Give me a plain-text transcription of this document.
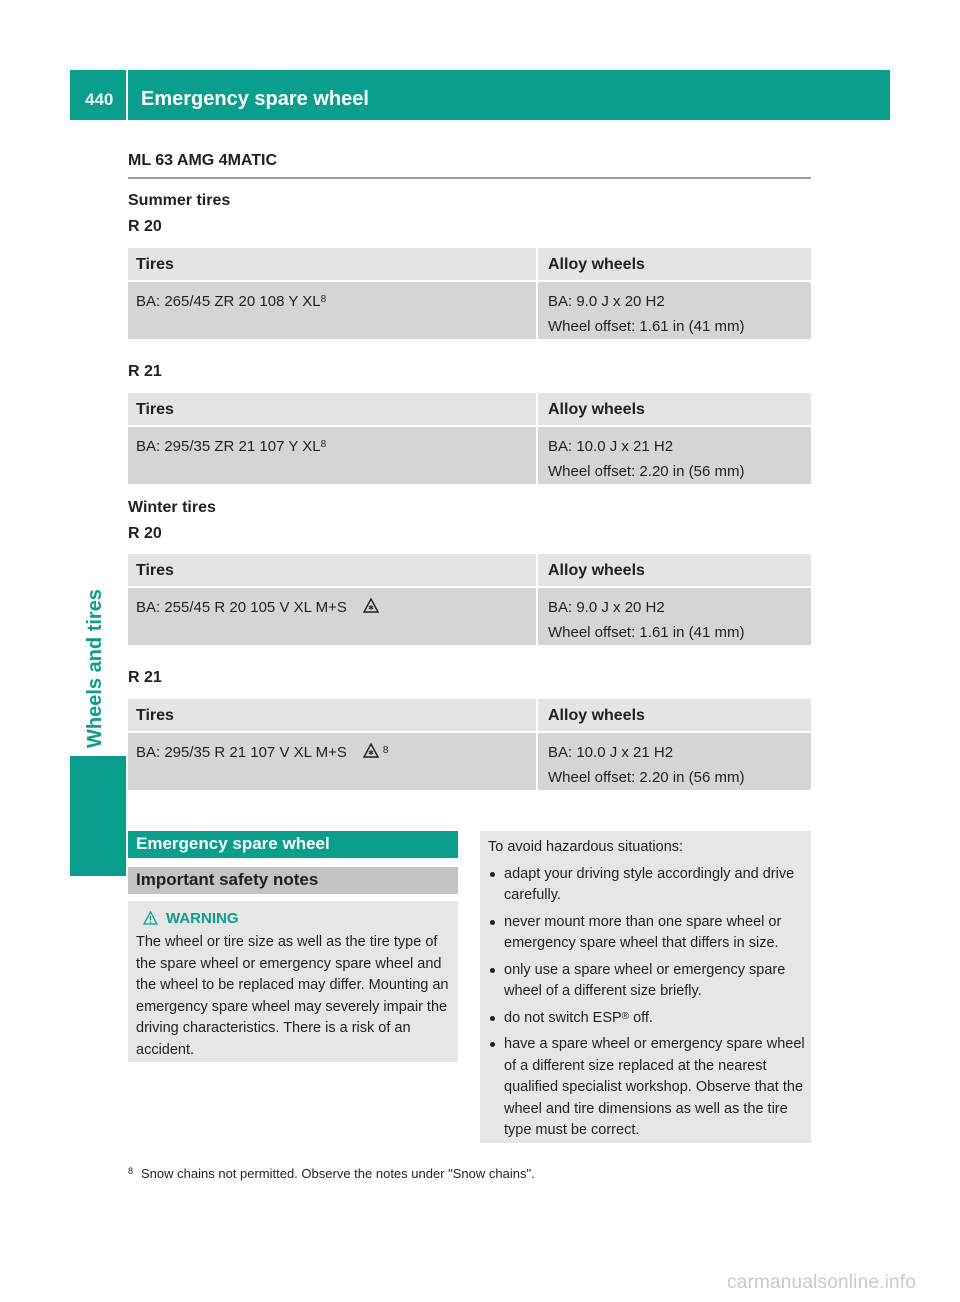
440 Emergency spare wheel
Wheels and tires
ML 63 AMG 4MATIC
Summer tires
R 20
Tires	Alloy wheels
BA: 265/45 ZR 20 108 Y $XL^8$	BA: 9.0 J x 20 H2
Wheel offset: 1.61 in (41 mm)
R 21
Tires	Alloy wheels
BA: 295/35 ZR 21 107 Y $XL^8$	BA: 10.0 J x 21 H2
Wheel offset: 2.20 in (56 mm)
Winter tires
R 20
Tires	Alloy wheels
BA: 255/45 R 20 105 V XL M+S	BA: 9.0 J x 20 H2
Wheel offset: 1.61 in (41 mm)
R 21
Tires	Alloy wheels
BA: 295/35 R 21 107 V XL M+S $^8$	BA: 10.0 J x 21 H2
Wheel offset: 2.20 in (56 mm)
Emergency spare wheel
Important safety notes
WARNING
The wheel or tire size as well as the tire type of the spare wheel or emergency spare wheel and the wheel to be replaced may differ. Mounting an emergency spare wheel may severely impair the driving characteristics. There is a risk of an accident.
To avoid hazardous situations:
adapt your driving style accordingly and drive carefully.
never mount more than one spare wheel or emergency spare wheel that differs in size.
only use a spare wheel or emergency spare wheel of a different size briefly.
do not switch ESP® off.
have a spare wheel or emergency spare wheel of a different size replaced at the nearest qualified specialist workshop. Observe that the wheel and tire dimensions as well as the tire type must be correct.
$^8$ Snow chains not permitted. Observe the notes under "Snow chains".
carmanualsonline.info
